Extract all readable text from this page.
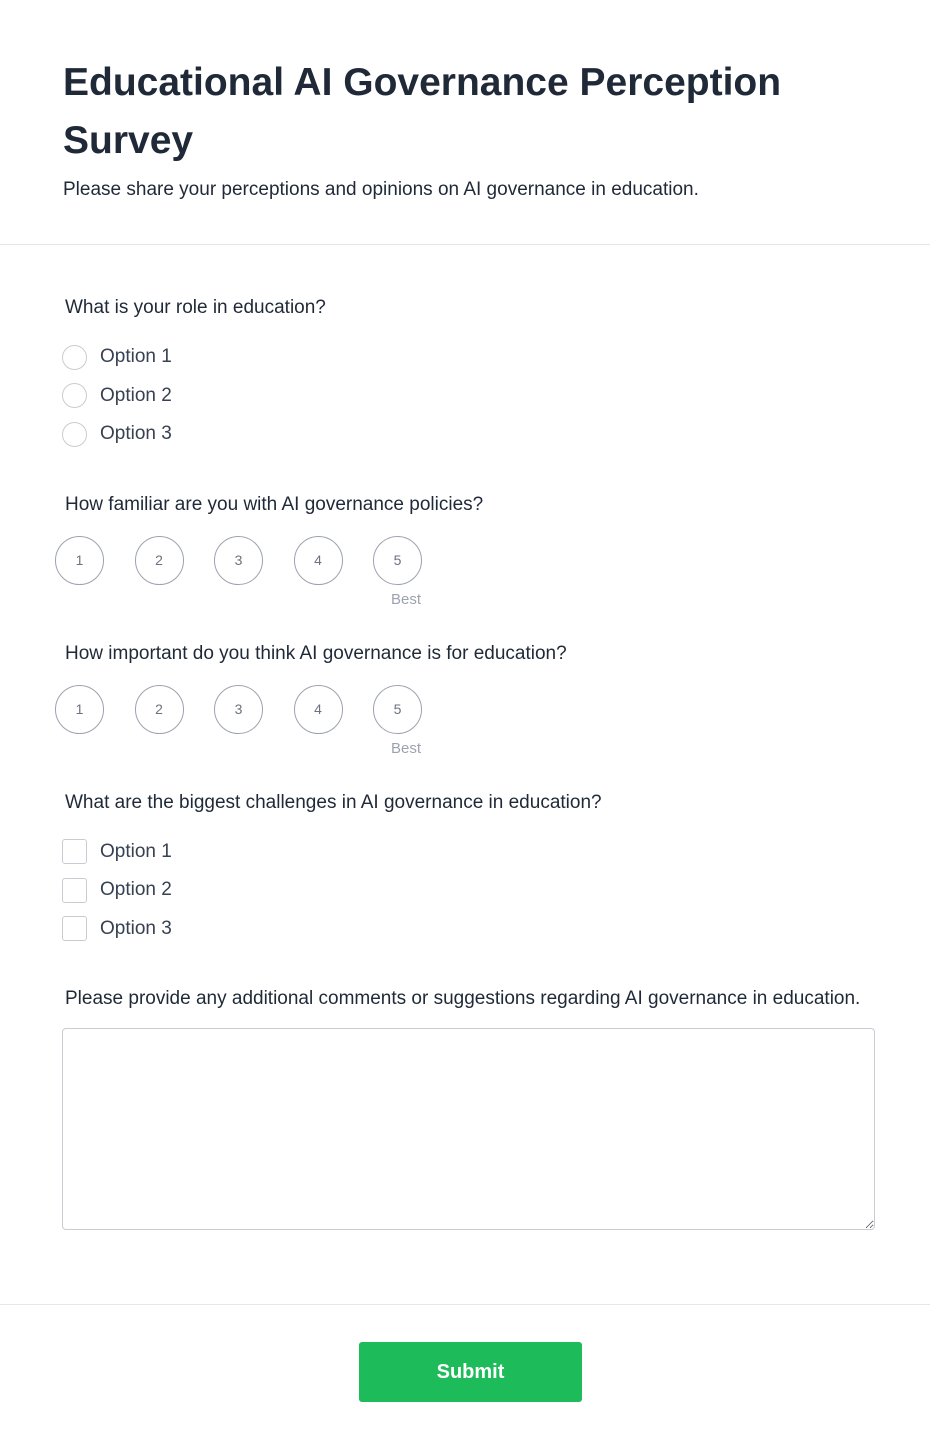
Educational AI Governance Perception Survey

Please share your perceptions and opinions on AI governance in education.

What is your role in education?
Option 1
Option 2
Option 3
How familiar are you with AI governance policies?
1	2	3	4	5
Best
How important do you think AI governance is for education?
1	2	3	4	5
Best
What are the biggest challenges in AI governance in education?
Option 1
Option 2
Option 3
Please provide any additional comments or suggestions regarding AI governance in education.
Submit
